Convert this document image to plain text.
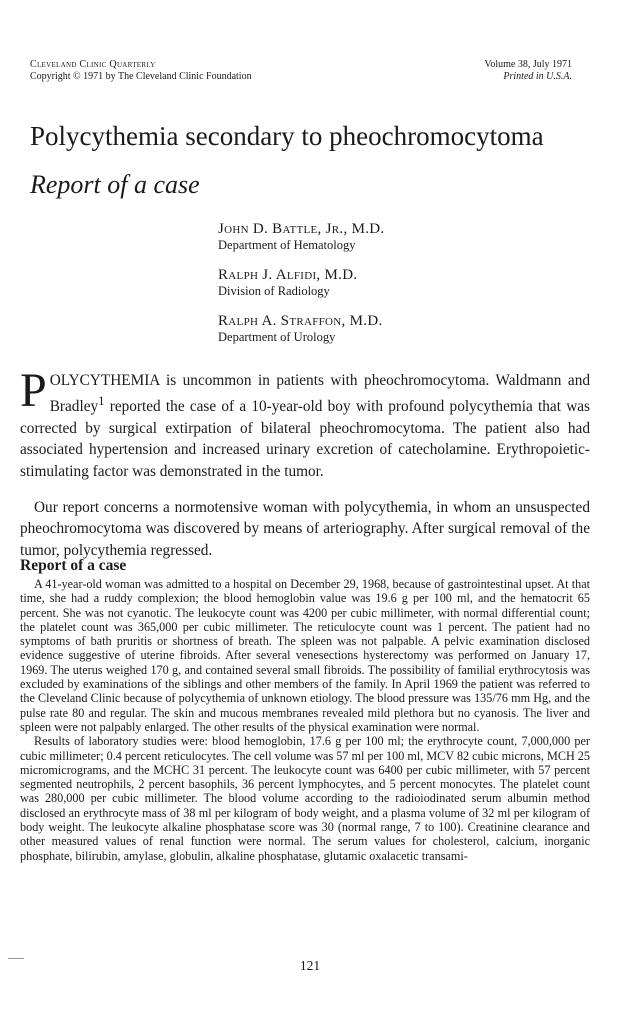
Cleveland Clinic Quarterly
Copyright © 1971 by The Cleveland Clinic Foundation
Volume 38, July 1971
Printed in U.S.A.
Polycythemia secondary to pheochromocytoma
Report of a case
John D. Battle, Jr., M.D.
Department of Hematology
Ralph J. Alfidi, M.D.
Division of Radiology
Ralph A. Straffon, M.D.
Department of Urology

POLYCYTHEMIA is uncommon in patients with pheochromocytoma. Waldmann and Bradley$^1$ reported the case of a 10-year-old boy with profound polycythemia that was corrected by surgical extirpation of bilateral pheochromocytoma. The patient also had associated hypertension and increased urinary excretion of catecholamine. Erythropoietic-stimulating factor was demonstrated in the tumor.

Our report concerns a normotensive woman with polycythemia, in whom an unsuspected pheochromocytoma was discovered by means of arteriography. After surgical removal of the tumor, polycythemia regressed.

Report of a case

A 41-year-old woman was admitted to a hospital on December 29, 1968, because of gastrointestinal upset. At that time, she had a ruddy complexion; the blood hemoglobin value was 19.6 g per 100 ml, and the hematocrit 65 percent. She was not cyanotic. The leukocyte count was 4200 per cubic millimeter, with normal differential count; the platelet count was 365,000 per cubic millimeter. The reticulocyte count was 1 percent. The patient had no symptoms of bath pruritis or shortness of breath. The spleen was not palpable. A pelvic examination disclosed evidence suggestive of uterine fibroids. After several venesections hysterectomy was performed on January 17, 1969. The uterus weighed 170 g, and contained several small fibroids. The possibility of familial erythrocytosis was excluded by examinations of the siblings and other members of the family. In April 1969 the patient was referred to the Cleveland Clinic because of polycythemia of unknown etiology. The blood pressure was 135/76 mm Hg, and the pulse rate 80 and regular. The skin and mucous membranes revealed mild plethora but no cyanosis. The liver and spleen were not palpably enlarged. The other results of the physical examination were normal.

Results of laboratory studies were: blood hemoglobin, 17.6 g per 100 ml; the erythrocyte count, 7,000,000 per cubic millimeter; 0.4 percent reticulocytes. The cell volume was 57 ml per 100 ml, MCV 82 cubic microns, MCH 25 micromicrograms, and the MCHC 31 percent. The leukocyte count was 6400 per cubic millimeter, with 57 percent segmented neutrophils, 2 percent basophils, 36 percent lymphocytes, and 5 percent monocytes. The platelet count was 280,000 per cubic millimeter. The blood volume according to the radioiodinated serum albumin method disclosed an erythrocyte mass of 38 ml per kilogram of body weight, and a plasma volume of 32 ml per kilogram of body weight. The leukocyte alkaline phosphatase score was 30 (normal range, 7 to 100). Creatinine clearance and other measured values of renal function were normal. The serum values for cholesterol, calcium, inorganic phosphate, bilirubin, amylase, globulin, alkaline phosphatase, glutamic oxalacetic transami-

121
